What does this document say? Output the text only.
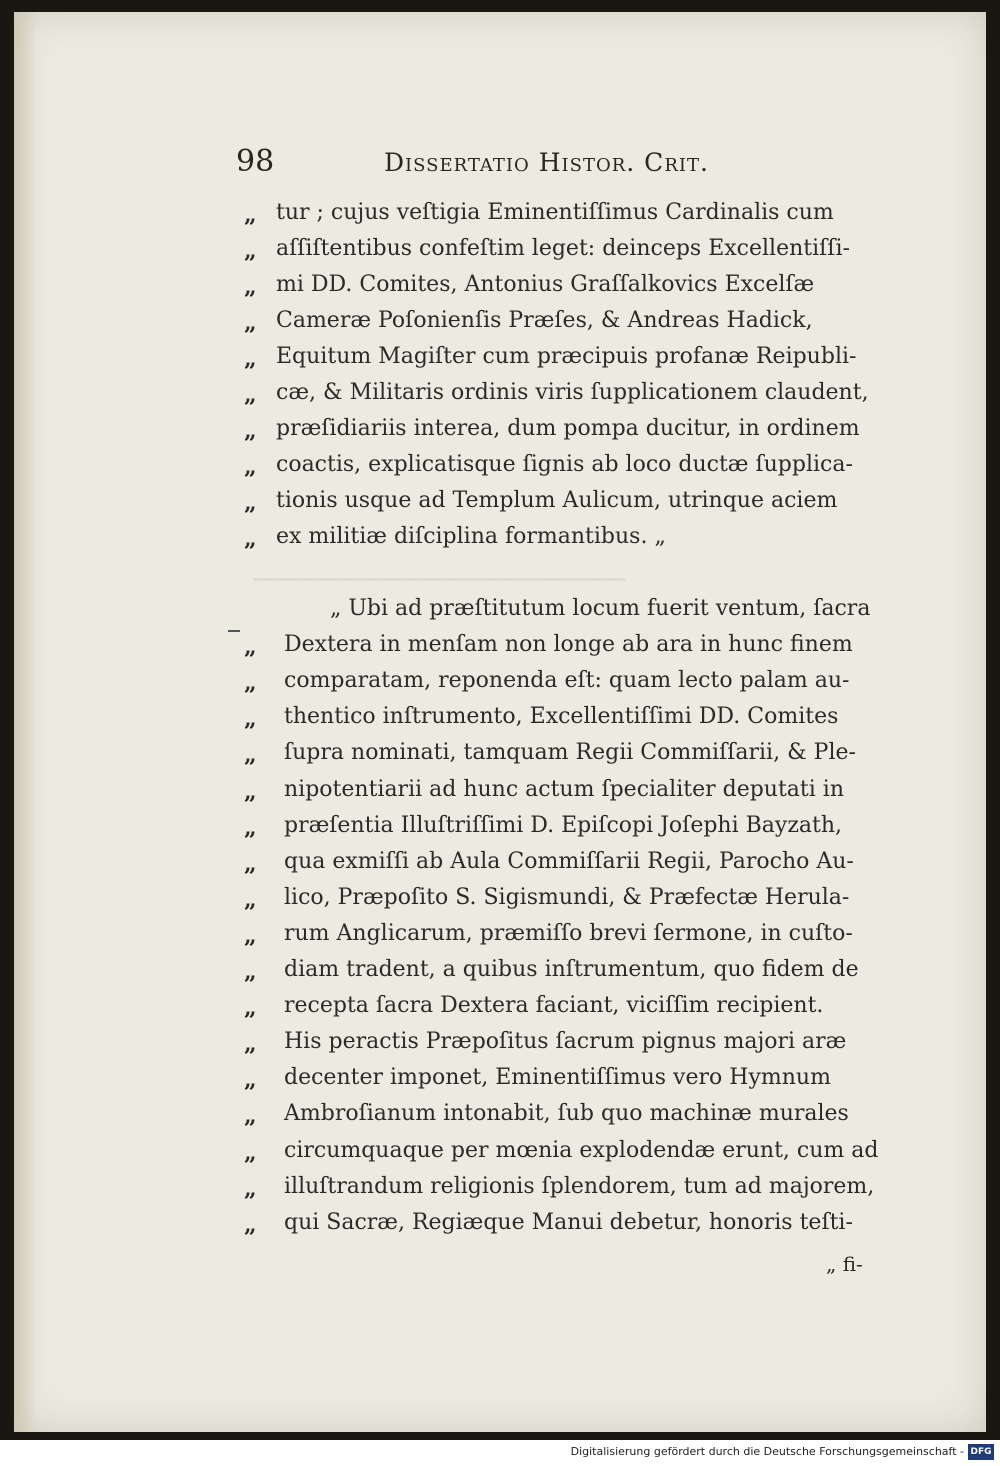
────────────────────────────
98	Dissertatio Histor. Crit.
„ tur ; cujus veſtigia Eminentiſſimus Cardinalis cum
„ aſſiſtentibus confeſtim leget: deinceps Excellentiſſi-
„ mi DD. Comites, Antonius Graſſalkovics Excelſæ
„ Cameræ Poſonienſis Præſes, & Andreas Hadick,
„ Equitum Magiſter cum præcipuis profanæ Reipubli-
„ cæ, & Militaris ordinis viris ſupplicationem claudent,
„ præſidiariis interea, dum pompa ducitur, in ordinem
„ coactis, explicatisque ſignis ab loco ductæ ſupplica-
„ tionis usque ad Templum Aulicum, utrinque aciem
„ ex militiæ diſciplina formantibus. „
„ Ubi ad præſtitutum locum fuerit ventum, ſacra
„ Dextera in menſam non longe ab ara in hunc finem
„ comparatam, reponenda eſt: quam lecto palam au-
„ thentico inſtrumento, Excellentiſſimi DD. Comites
„ ſupra nominati, tamquam Regii Commiſſarii, & Ple-
„ nipotentiarii ad hunc actum ſpecialiter deputati in
„ præſentia Illuſtriſſimi D. Epiſcopi Joſephi Bayzath,
„ qua exmiſſi ab Aula Commiſſarii Regii, Parocho Au-
„ lico, Præpoſito S. Sigismundi, & Præfectæ Herula-
„ rum Anglicarum, præmiſſo brevi ſermone, in cuſto-
„ diam tradent, a quibus inſtrumentum, quo fidem de
„ recepta ſacra Dextera faciant, viciſſim recipient.
„ His peractis Præpoſitus ſacrum pignus majori aræ
„ decenter imponet, Eminentiſſimus vero Hymnum
„ Ambroſianum intonabit, ſub quo machinæ murales
„ circumquaque per mœnia explodendæ erunt, cum ad
„ illuſtrandum religionis ſplendorem, tum ad majorem,
„ qui Sacræ, Regiæque Manui debetur, honoris teſti-
„ fi-
Digitalisierung gefördert durch die Deutsche Forschungsgemeinschaft - DFG
